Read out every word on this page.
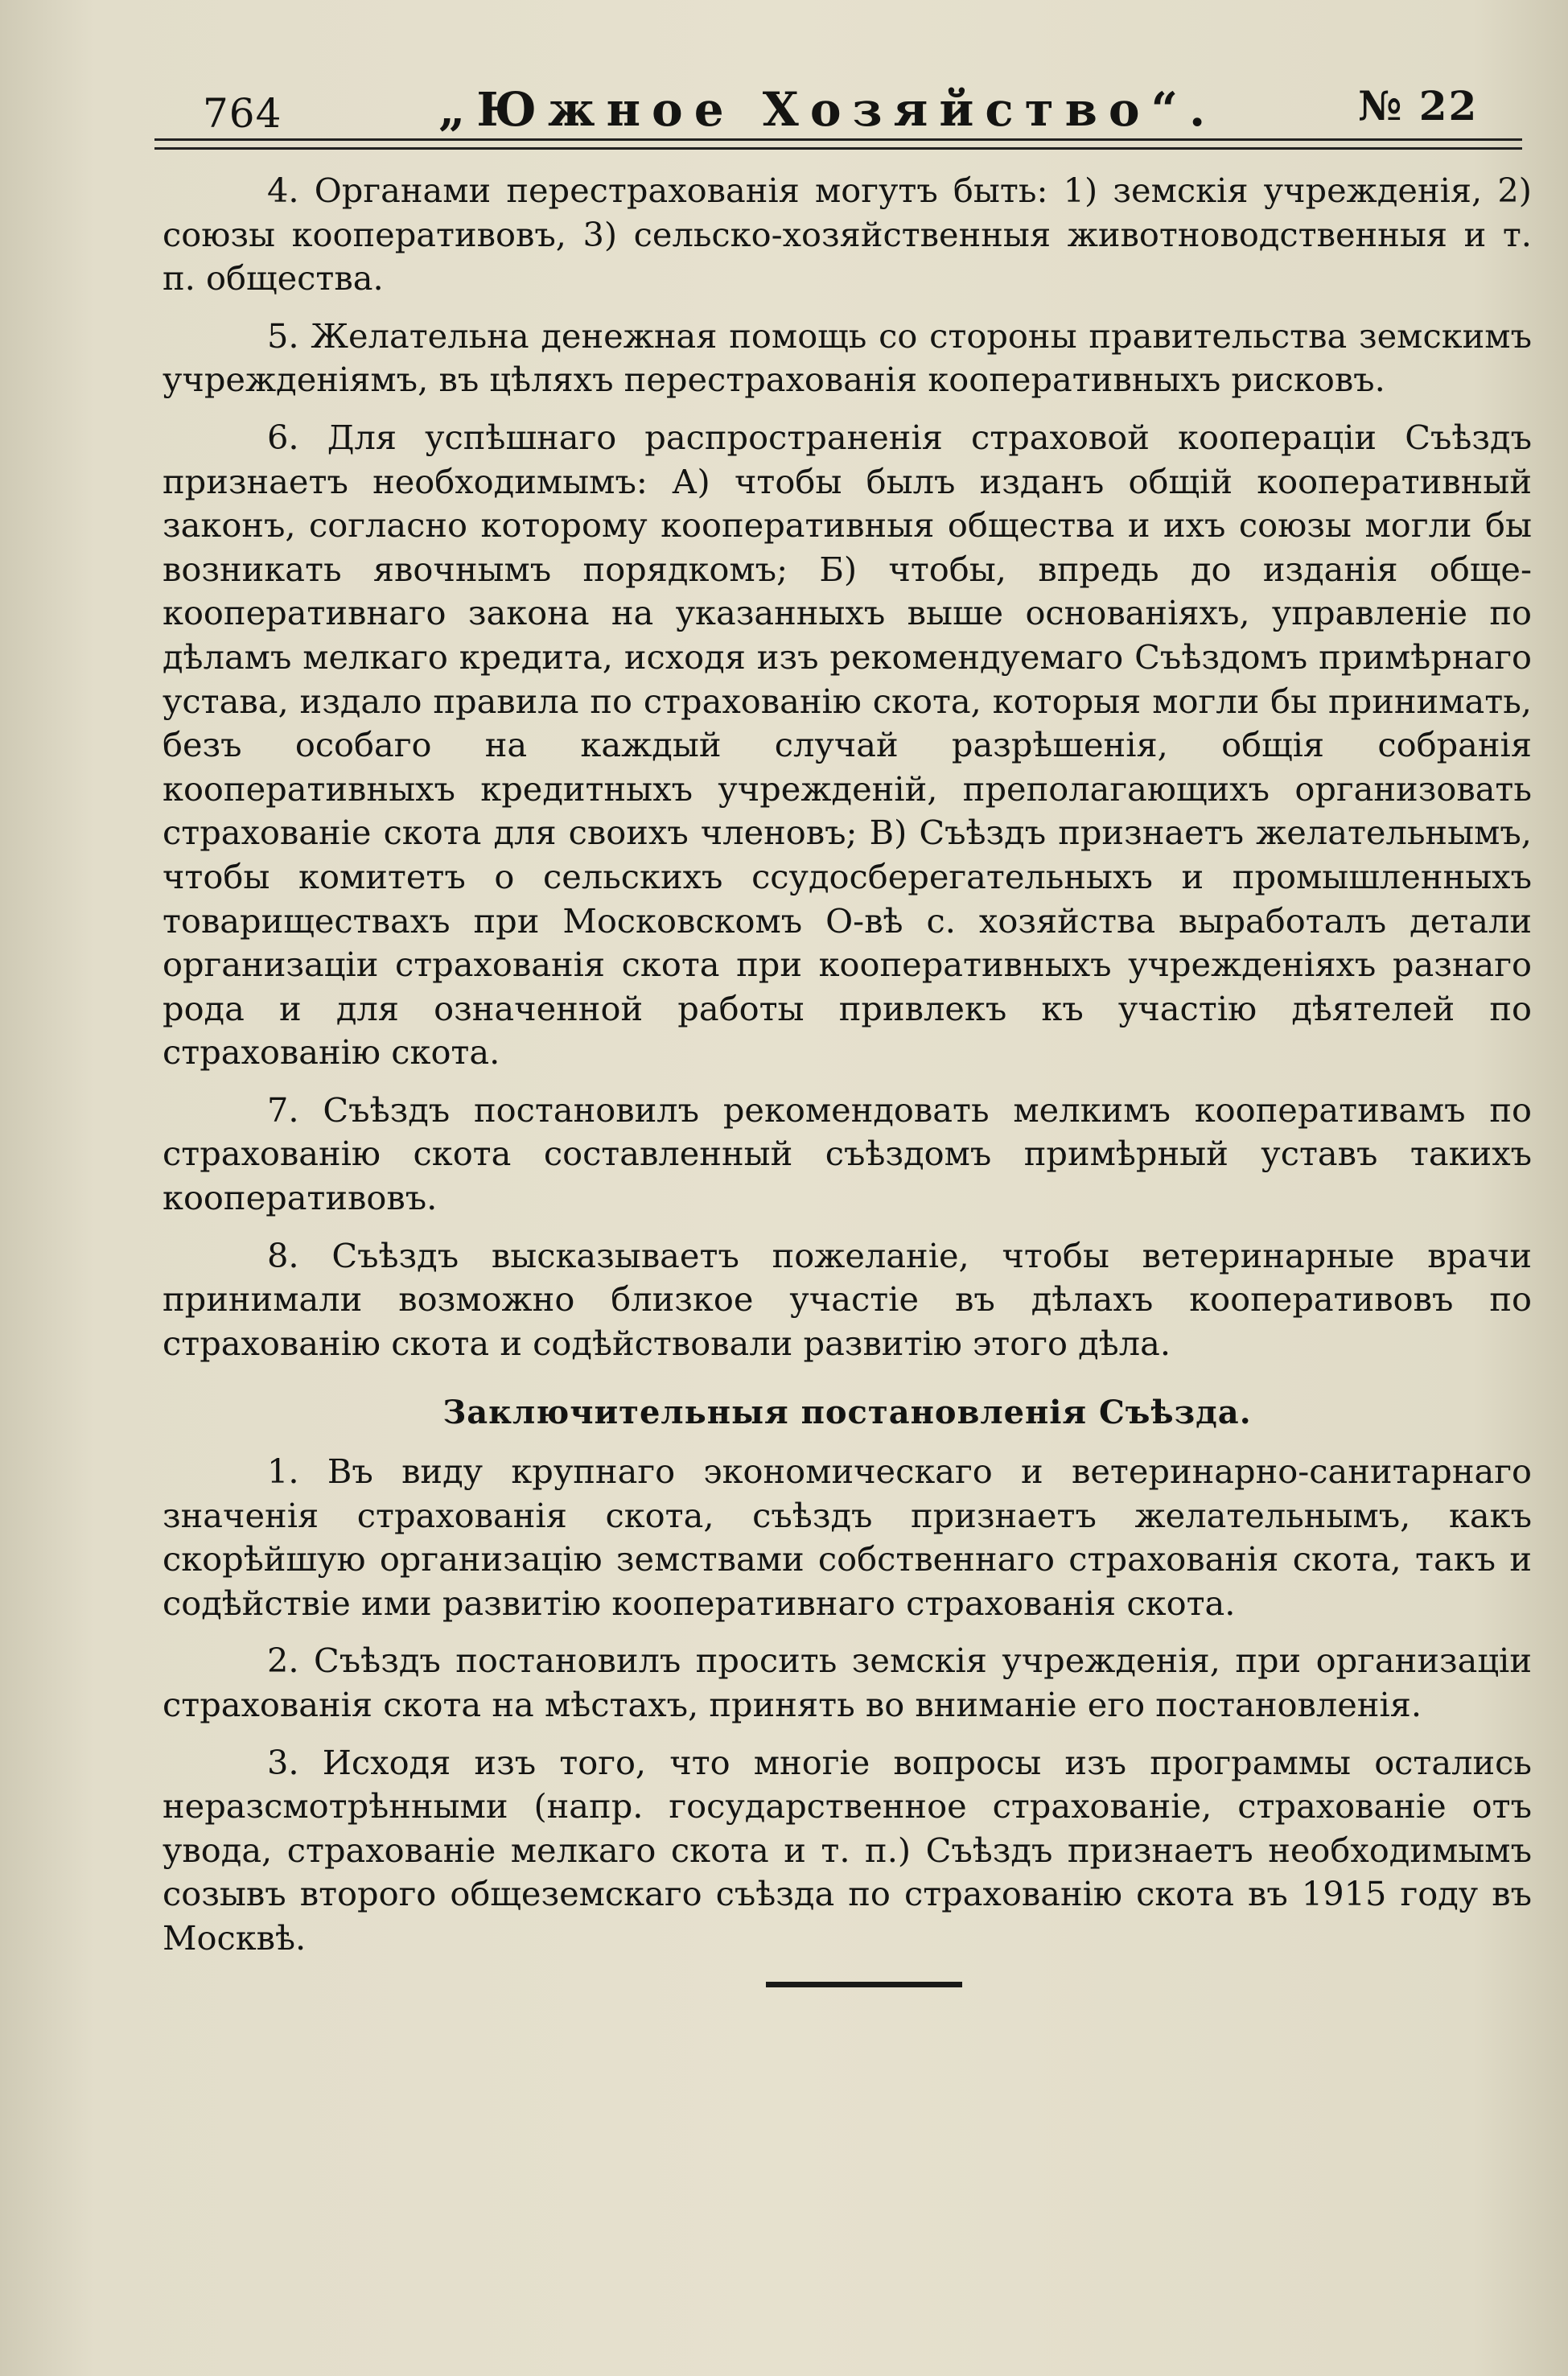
764	„Южное Хозяйство“.	№ 22

4. Органами перестрахованія могутъ быть: 1) земскія учрежденія, 2) союзы кооперативовъ, 3) сельско-хозяйственныя животноводственныя и т. п. общества.

5. Желательна денежная помощь со стороны правительства земскимъ учрежденіямъ, въ цѣляхъ перестрахованія кооперативныхъ рисковъ.

6. Для успѣшнаго распространенія страховой коопераціи Съѣздъ признаетъ необходимымъ: А) чтобы былъ изданъ общій кооперативный законъ, согласно которому кооперативныя общества и ихъ союзы могли бы возникать явочнымъ порядкомъ; Б) чтобы, впредь до изданія обще-кооперативнаго закона на указанныхъ выше основаніяхъ, управленіе по дѣламъ мелкаго кредита, исходя изъ рекомендуемаго Съѣздомъ примѣрнаго устава, издало правила по страхованію скота, которыя могли бы принимать, безъ особаго на каждый случай разрѣшенія, общія собранія кооперативныхъ кредитныхъ учрежденій, преполагающихъ организовать страхованіе скота для своихъ членовъ; В) Съѣздъ признаетъ желательнымъ, чтобы комитетъ о сельскихъ ссудосберегательныхъ и промышленныхъ товариществахъ при Московскомъ О-вѣ с. хозяйства выработалъ детали организаціи страхованія скота при кооперативныхъ учрежденіяхъ разнаго рода и для означенной работы привлекъ къ участію дѣятелей по страхованію скота.

7. Съѣздъ постановилъ рекомендовать мелкимъ кооперативамъ по страхованію скота составленный съѣздомъ примѣрный уставъ такихъ кооперативовъ.

8. Съѣздъ высказываетъ пожеланіе, чтобы ветеринарные врачи принимали возможно близкое участіе въ дѣлахъ кооперативовъ по страхованію скота и содѣйствовали развитію этого дѣла.

Заключительныя постановленія Съѣзда.

1. Въ виду крупнаго экономическаго и ветеринарно-санитарнаго значенія страхованія скота, съѣздъ признаетъ желательнымъ, какъ скорѣйшую организацію земствами собственнаго страхованія скота, такъ и содѣйствіе ими развитію кооперативнаго страхованія скота.

2. Съѣздъ постановилъ просить земскія учрежденія, при организаціи страхованія скота на мѣстахъ, принять во вниманіе его постановленія.

3. Исходя изъ того, что многіе вопросы изъ программы остались неразсмотрѣнными (напр. государственное страхованіе, страхованіе отъ увода, страхованіе мелкаго скота и т. п.) Съѣздъ признаетъ необходимымъ созывъ второго общеземскаго съѣзда по страхованію скота въ 1915 году въ Москвѣ.
